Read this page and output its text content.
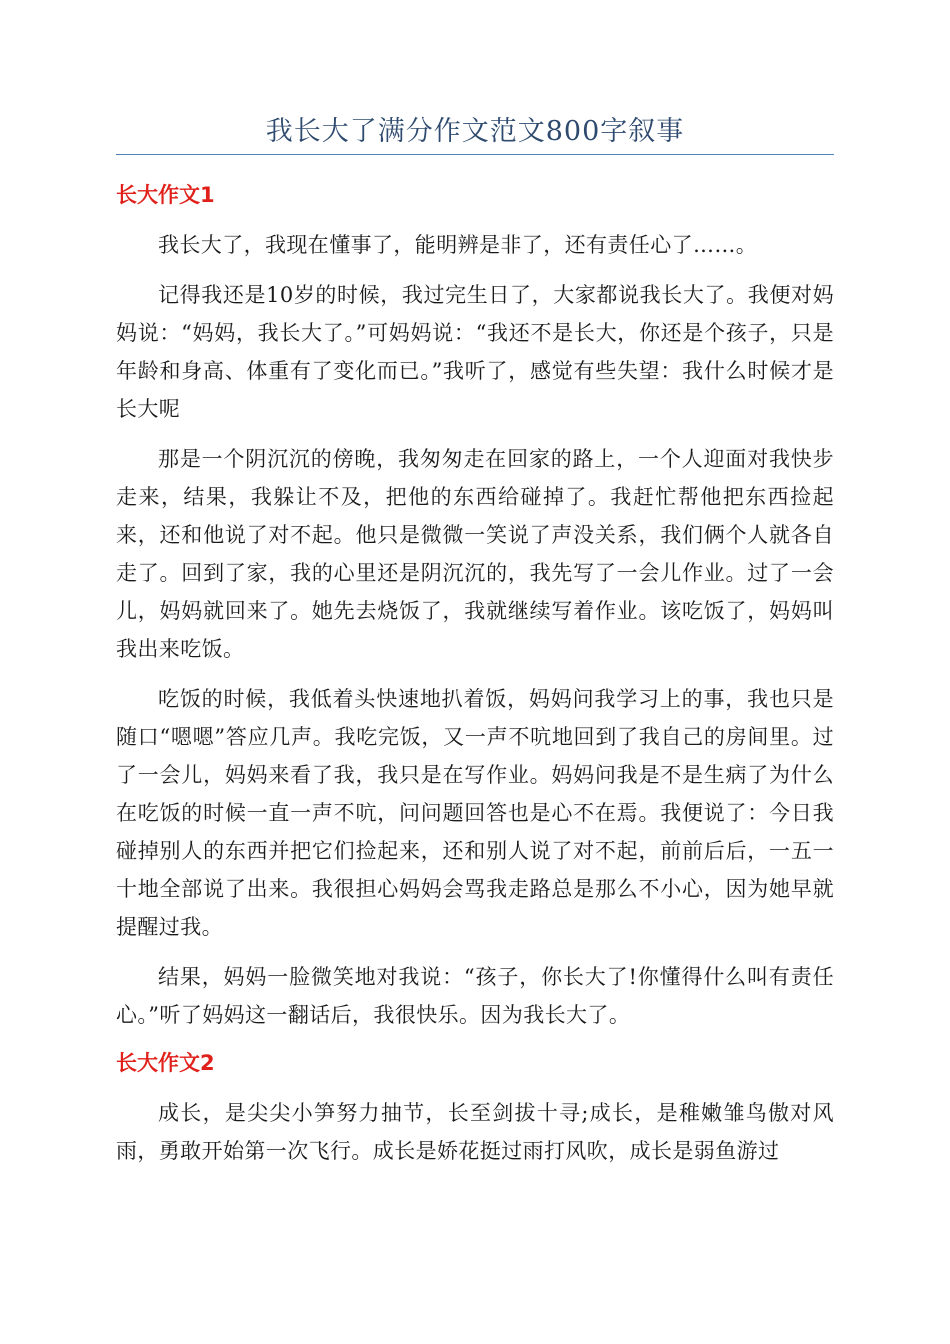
我长大了满分作文范文800字叙事
长大作文1

我长大了，我现在懂事了，能明辨是非了，还有责任心了……。

记得我还是10岁的时候，我过完生日了，大家都说我长大了。我便对妈妈说：“妈妈，我长大了。”可妈妈说：“我还不是长大，你还是个孩子，只是年龄和身高、体重有了变化而已。”我听了，感觉有些失望：我什么时候才是长大呢

那是一个阴沉沉的傍晚，我匆匆走在回家的路上，一个人迎面对我快步走来，结果，我躲让不及，把他的东西给碰掉了。我赶忙帮他把东西捡起来，还和他说了对不起。他只是微微一笑说了声没关系，我们俩个人就各自走了。回到了家，我的心里还是阴沉沉的，我先写了一会儿作业。过了一会儿，妈妈就回来了。她先去烧饭了，我就继续写着作业。该吃饭了，妈妈叫我出来吃饭。

吃饭的时候，我低着头快速地扒着饭，妈妈问我学习上的事，我也只是随口“嗯嗯”答应几声。我吃完饭，又一声不吭地回到了我自己的房间里。过了一会儿，妈妈来看了我，我只是在写作业。妈妈问我是不是生病了为什么在吃饭的时候一直一声不吭，问问题回答也是心不在焉。我便说了：今日我碰掉别人的东西并把它们捡起来，还和别人说了对不起，前前后后，一五一十地全部说了出来。我很担心妈妈会骂我走路总是那么不小心，因为她早就提醒过我。

结果，妈妈一脸微笑地对我说：“孩子，你长大了!你懂得什么叫有责任心。”听了妈妈这一翻话后，我很快乐。因为我长大了。

长大作文2

成长，是尖尖小笋努力抽节，长至剑拔十寻;成长，是稚嫩雏鸟傲对风雨，勇敢开始第一次飞行。成长是娇花挺过雨打风吹，成长是弱鱼游过
